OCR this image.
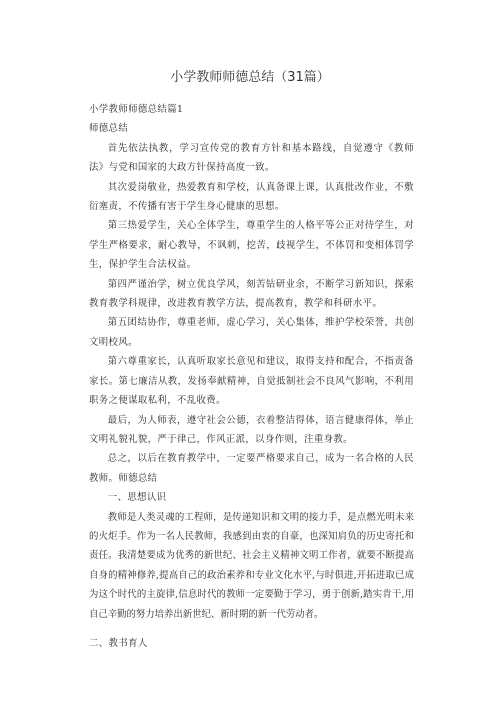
小学教师师德总结（31篇）

小学教师师德总结篇1

师德总结

首先依法执教，学习宣传党的教育方针和基本路线，自觉遵守《教师法》与党和国家的大政方针保持高度一致。

其次爱岗敬业，热爱教育和学校，认真备课上课，认真批改作业，不敷衍塞责，不传播有害于学生身心健康的思想。

第三热爱学生，关心全体学生，尊重学生的人格平等公正对待学生，对学生严格要求，耐心教导，不讽刺，挖苦，歧视学生，不体罚和变相体罚学生，保护学生合法权益。

第四严谨治学，树立优良学风，刻苦钻研业余，不断学习新知识，探索教育教学科规律，改进教育教学方法，提高教育，教学和科研水平。

第五团结协作，尊重老师，虚心学习，关心集体，维护学校荣誉，共创文明校风。

第六尊重家长，认真听取家长意见和建议，取得支持和配合，不指责备家长。第七廉洁从教，发扬奉献精神，自觉抵制社会不良风气影响，不利用职务之便谋取私利，不乱收费。

最后，为人师表，遵守社会公德，衣着整洁得体，语言健康得体，举止文明礼貌礼貌，严于律己，作风正派，以身作则，注重身教。

总之，以后在教育教学中，一定要严格要求自己，成为一名合格的人民教师。师德总结

一、思想认识

教师是人类灵魂的工程师，是传递知识和文明的接力手，是点燃光明未来的火炬手。作为一名人民教师，我感到由衷的自豪，也深知肩负的历史寄托和责任。我清楚要成为优秀的新世纪、社会主义精神文明工作者，就要不断提高自身的精神修养,提高自己的政治素养和专业文化水平,与时俱进,开拓进取已成为这个时代的主旋律,信息时代的教师一定要勤于学习，勇于创新,踏实肯干,用自己辛勤的努力培养出新世纪、新时期的新一代劳动者。

二、教书育人
